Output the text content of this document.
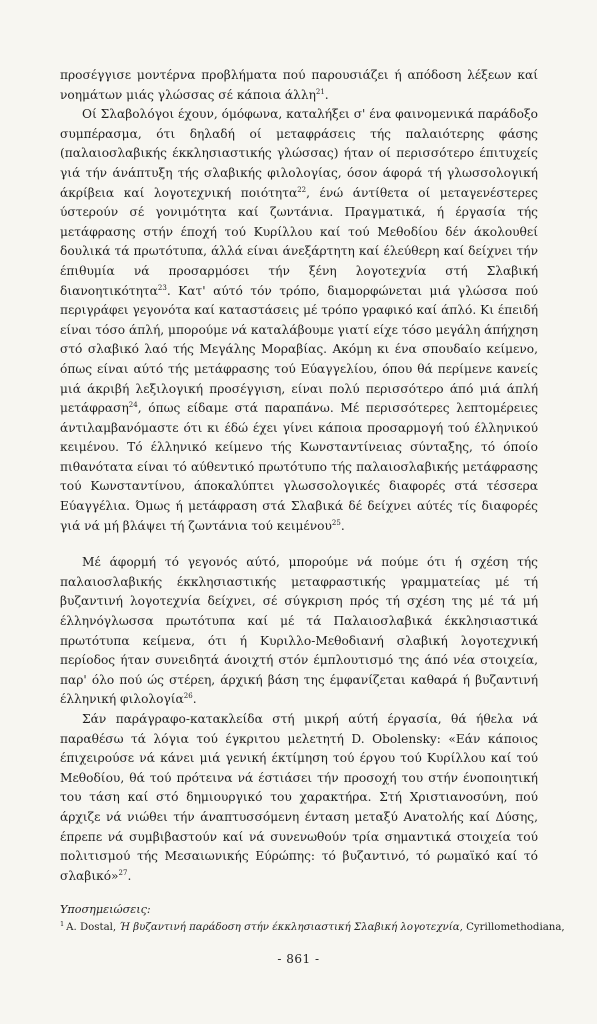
προσέγγισε μοντέρνα προβλήματα πού παρουσιάζει ή απόδοση λέξεων καί νοημάτων μιάς γλώσσας σέ κάποια άλλη$^{21}$.

Οί Σλαβολόγοι έχουν, όμόφωνα, καταλήξει σ' ένα φαινομενικά παράδοξο συμπέρασμα, ότι δηλαδή οί μεταφράσεις τής παλαιότερης φάσης (παλαιοσλαβικής έκκλησιαστικής γλώσσας) ήταν οί περισσότερο έπιτυχείς γιά τήν άνάπτυξη τής σλαβικής φιλολογίας, όσον άφορά τή γλωσσολογική άκρίβεια καί λογοτεχνική ποιότητα$^{22}$, ένώ άντίθετα οί μεταγενέστερες ύστερούν σέ γονιμότητα καί ζωντάνια. Πραγματικά, ή έργασία τής μετάφρασης στήν έποχή τού Κυρίλλου καί τού Μεθοδίου δέν άκολουθεί δουλικά τά πρωτότυπα, άλλά είναι άνεξάρτητη καί έλεύθερη καί δείχνει τήν έπιθυμία νά προσαρμόσει τήν ξένη λογοτεχνία στή Σλαβική διανοητικότητα$^{23}$. Κατ' αύτό τόν τρόπο, διαμορφώνεται μιά γλώσσα πού περιγράφει γεγονότα καί καταστάσεις μέ τρόπο γραφικό καί άπλό. Κι έπειδή είναι τόσο άπλή, μπορούμε νά καταλάβουμε γιατί είχε τόσο μεγάλη άπήχηση στό σλαβικό λαό τής Μεγάλης Μοραβίας. Ακόμη κι ένα σπουδαίο κείμενο, όπως είναι αύτό τής μετάφρασης τού Εύαγγελίου, όπου θά περίμενε κανείς μιά άκριβή λεξιλογική προσέγγιση, είναι πολύ περισσότερο άπό μιά άπλή μετάφραση$^{24}$, όπως είδαμε στά παραπάνω. Μέ περισσότερες λεπτομέρειες άντιλαμβανόμαστε ότι κι έδώ έχει γίνει κάποια προσαρμογή τού έλληνικού κειμένου. Τό έλληνικό κείμενο τής Κωνσταντίνειας σύνταξης, τό όποίο πιθανότατα είναι τό αύθεντικό πρωτότυπο τής παλαιοσλαβικής μετάφρασης τού Κωνσταντίνου, άποκαλύπτει γλωσσολογικές διαφορές στά τέσσερα Εύαγγέλια. Όμως ή μετάφραση στά Σλαβικά δέ δείχνει αύτές τίς διαφορές γιά νά μή βλάψει τή ζωντάνια τού κειμένου$^{25}$.

Μέ άφορμή τό γεγονός αύτό, μπορούμε νά πούμε ότι ή σχέση τής παλαιοσλαβικής έκκλησιαστικής μεταφραστικής γραμματείας μέ τή βυζαντινή λογοτεχνία δείχνει, σέ σύγκριση πρός τή σχέση της μέ τά μή έλληνόγλωσσα πρωτότυπα καί μέ τά Παλαιοσλαβικά έκκλησιαστικά πρωτότυπα κείμενα, ότι ή Κυριλλο-Μεθοδιανή σλαβική λογοτεχνική περίοδος ήταν συνειδητά άνοιχτή στόν έμπλουτισμό της άπό νέα στοιχεία, παρ' όλο πού ώς στέρεη, άρχική βάση της έμφανίζεται καθαρά ή βυζαντινή έλληνική φιλολογία$^{26}$.

Σάν παράγραφο-κατακλείδα στή μικρή αύτή έργασία, θά ήθελα νά παραθέσω τά λόγια τού έγκριτου μελετητή D. Obolensky: «Εάν κάποιος έπιχειρούσε νά κάνει μιά γενική έκτίμηση τού έργου τού Κυρίλλου καί τού Μεθοδίου, θά τού πρότεινα νά έστιάσει τήν προσοχή του στήν ένοποιητική του τάση καί στό δημιουργικό του χαρακτήρα. Στή Χριστιανοσύνη, πού άρχιζε νά νιώθει τήν άναπτυσσόμενη ένταση μεταξύ Ανατολής καί Δύσης, έπρεπε νά συμβιβαστούν καί νά συνενωθούν τρία σημαντικά στοιχεία τού πολιτισμού τής Μεσαιωνικής Εύρώπης: τό βυζαντινό, τό ρωμαϊκό καί τό σλαβικό»$^{27}$.

Υποσημειώσεις:

$^1$ A. Dostal, Ή βυζαντινή παράδοση στήν έκκλησιαστική Σλαβική λογοτεχνία, Cyrillomethodiana,

- 861 -
